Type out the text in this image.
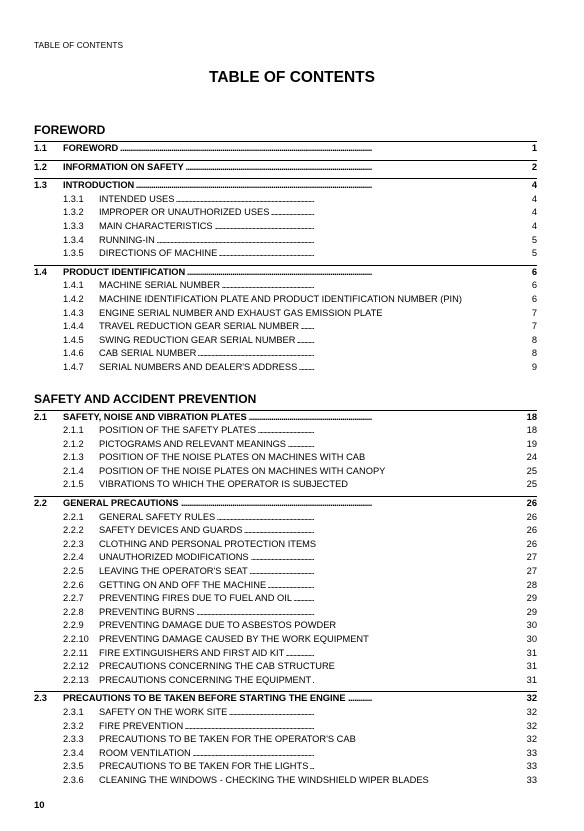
TABLE OF CONTENTS
TABLE OF CONTENTS
FOREWORD
1.1 FOREWORD . . .	1
1.2 INFORMATION ON SAFETY . . .	2
1.3 INTRODUCTION . . .	4
1.3.1 INTENDED USES . . .	4
1.3.2 IMPROPER OR UNAUTHORIZED USES . . .	4
1.3.3 MAIN CHARACTERISTICS . . .	4
1.3.4 RUNNING-IN . . .	5
1.3.5 DIRECTIONS OF MACHINE . . .	5
1.4 PRODUCT IDENTIFICATION . . .	6
1.4.1 MACHINE SERIAL NUMBER . . .	6
1.4.2 MACHINE IDENTIFICATION PLATE AND PRODUCT IDENTIFICATION NUMBER (PIN) . . .	6
1.4.3 ENGINE SERIAL NUMBER AND EXHAUST GAS EMISSION PLATE . . .	7
1.4.4 TRAVEL REDUCTION GEAR SERIAL NUMBER . . .	7
1.4.5 SWING REDUCTION GEAR SERIAL NUMBER . . .	8
1.4.6 CAB SERIAL NUMBER . . .	8
1.4.7 SERIAL NUMBERS AND DEALER'S ADDRESS . . .	9
SAFETY AND ACCIDENT PREVENTION
2.1 SAFETY, NOISE AND VIBRATION PLATES . . .	18
2.1.1 POSITION OF THE SAFETY PLATES . . .	18
2.1.2 PICTOGRAMS AND RELEVANT MEANINGS . . .	19
2.1.3 POSITION OF THE NOISE PLATES ON MACHINES WITH CAB . . .	24
2.1.4 POSITION OF THE NOISE PLATES ON MACHINES WITH CANOPY . . .	25
2.1.5 VIBRATIONS TO WHICH THE OPERATOR IS SUBJECTED . . .	25
2.2 GENERAL PRECAUTIONS . . .	26
2.2.1 GENERAL SAFETY RULES . . .	26
2.2.2 SAFETY DEVICES AND GUARDS . . .	26
2.2.3 CLOTHING AND PERSONAL PROTECTION ITEMS . . .	26
2.2.4 UNAUTHORIZED MODIFICATIONS . . .	27
2.2.5 LEAVING THE OPERATOR'S SEAT . . .	27
2.2.6 GETTING ON AND OFF THE MACHINE . . .	28
2.2.7 PREVENTING FIRES DUE TO FUEL AND OIL . . .	29
2.2.8 PREVENTING BURNS . . .	29
2.2.9 PREVENTING DAMAGE DUE TO ASBESTOS POWDER . . .	30
2.2.10 PREVENTING DAMAGE CAUSED BY THE WORK EQUIPMENT . . .	30
2.2.11 FIRE EXTINGUISHERS AND FIRST AID KIT . . .	31
2.2.12 PRECAUTIONS CONCERNING THE CAB STRUCTURE . . .	31
2.2.13 PRECAUTIONS CONCERNING THE EQUIPMENT . . .	31
2.3 PRECAUTIONS TO BE TAKEN BEFORE STARTING THE ENGINE . . .	32
2.3.1 SAFETY ON THE WORK SITE . . .	32
2.3.2 FIRE PREVENTION . . .	32
2.3.3 PRECAUTIONS TO BE TAKEN FOR THE OPERATOR'S CAB . . .	32
2.3.4 ROOM VENTILATION . . .	33
2.3.5 PRECAUTIONS TO BE TAKEN FOR THE LIGHTS . . .	33
2.3.6 CLEANING THE WINDOWS - CHECKING THE WINDSHIELD WIPER BLADES . . .	33
10
